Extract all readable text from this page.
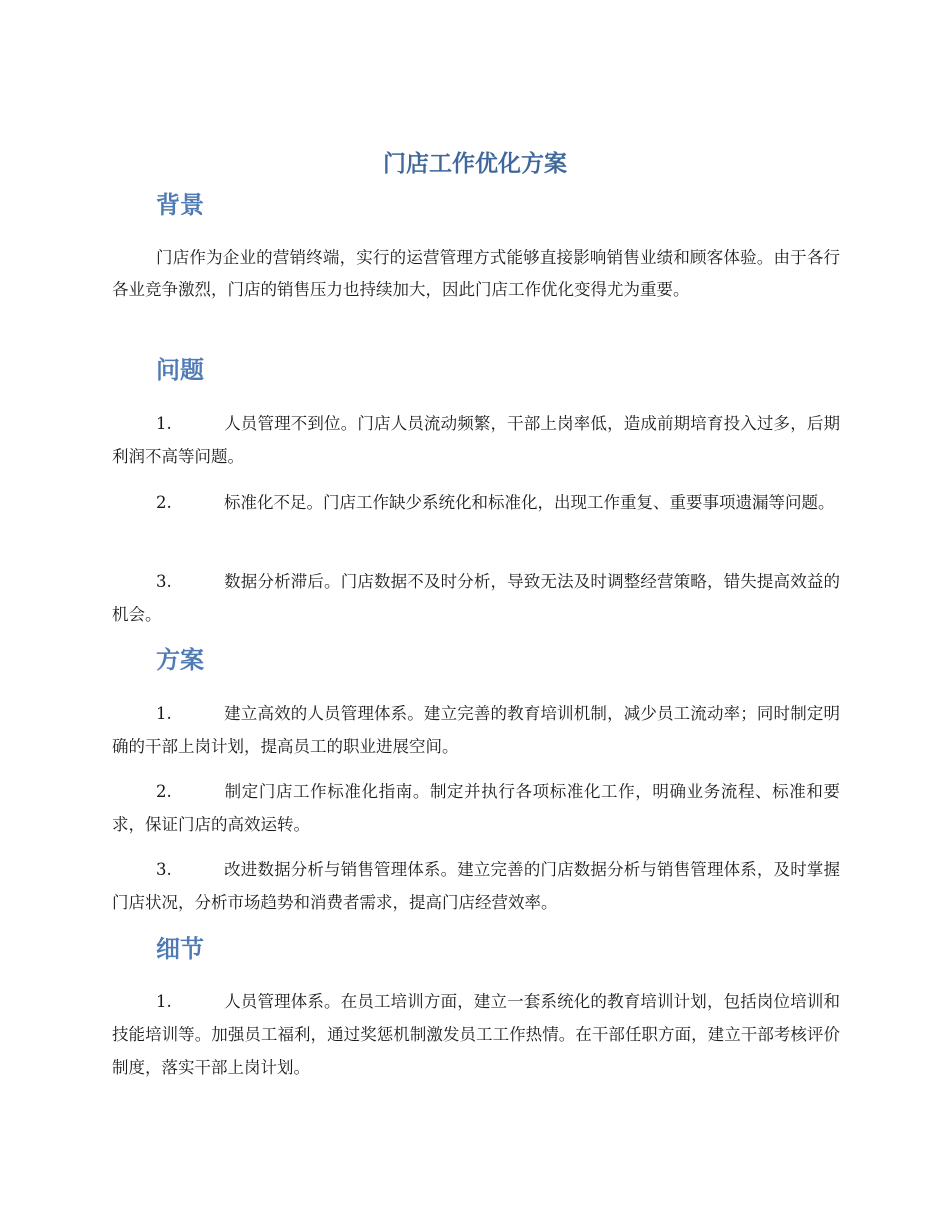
门店工作优化方案
背景

门店作为企业的营销终端，实行的运营管理方式能够直接影响销售业绩和顾客体验。由于各行各业竞争激烈，门店的销售压力也持续加大，因此门店工作优化变得尤为重要。

问题

1.	人员管理不到位。门店人员流动频繁，干部上岗率低，造成前期培育投入过多，后期利润不高等问题。

2.	标准化不足。门店工作缺少系统化和标准化，出现工作重复、重要事项遗漏等问题。

3.	数据分析滞后。门店数据不及时分析，导致无法及时调整经营策略，错失提高效益的机会。

方案

1.	建立高效的人员管理体系。建立完善的教育培训机制，减少员工流动率；同时制定明确的干部上岗计划，提高员工的职业进展空间。

2.	制定门店工作标准化指南。制定并执行各项标准化工作，明确业务流程、标准和要求，保证门店的高效运转。

3.	改进数据分析与销售管理体系。建立完善的门店数据分析与销售管理体系，及时掌握门店状况，分析市场趋势和消费者需求，提高门店经营效率。

细节

1.	人员管理体系。在员工培训方面，建立一套系统化的教育培训计划，包括岗位培训和技能培训等。加强员工福利，通过奖惩机制激发员工工作热情。在干部任职方面，建立干部考核评价制度，落实干部上岗计划。
